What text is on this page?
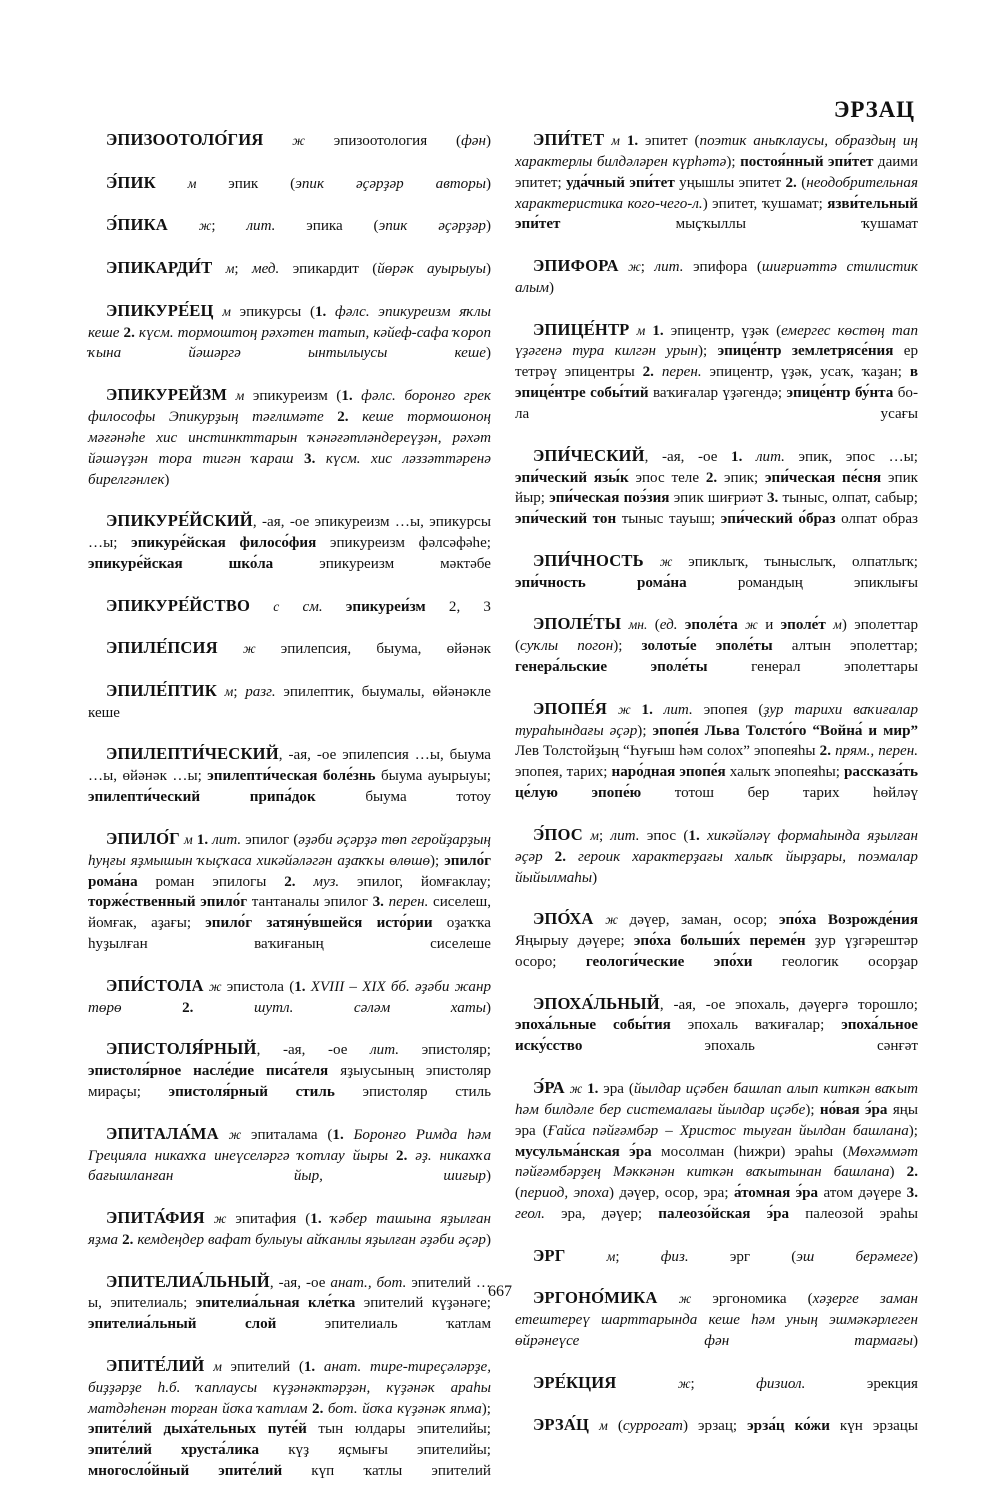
ЭРЗАЦ

ЭПИЗООТОЛО́ГИЯ ж эпизоотология (фән)

Э́ПИК м эпик (эпик әҫәрҙәр авторы)

Э́ПИКА ж; лит. эпика (эпик әҫәрҙәр)

ЭПИКАРДИ́Т м; мед. эпикардит (йөрәк ауырыуы)

ЭПИКУРЕ́ЕЦ м эпикурсы (1. фәлс. эпикуреизм яҡлы кеше 2. күсм. тормоштоң рәхәтен татып, кәйеф-сафа ҡороп ҡына йәшәргә ынтылыусы кеше)

ЭПИКУРЕЙЗМ м эпикуреизм (1. фәлс. боронғо грек философы Эпикурҙың тәғлимәте 2. кеше тормошоноң мәғәнәһе хис инстинкттарын ҡәнәғәтләндереүҙән, рәхәт йәшәүҙән тора тигән ҡараш 3. күсм. хис ләззәттәренә бирелгәнлек)

ЭПИКУРЕ́ЙСКИЙ, -ая, -ое эпикуреизм …ы, эпикурсы …ы; эпикуре́йская филосо́фия эпикуреизм фәлсәфәһе; эпикуре́йская шко́ла эпикуреизм мәктәбе

ЭПИКУРЕ́ЙСТВО с см. эпикуреи́зм 2, 3

ЭПИЛЕ́ПСИЯ ж эпилепсия, быума, өйәнәк

ЭПИЛЕ́ПТИК м; разг. эпилептик, быумалы, өйәнәкле кеше

ЭПИЛЕПТИ́ЧЕСКИЙ, -ая, -ое эпилепсия …ы, быума …ы, өйәнәк …ы; эпилепти́ческая боле́знь быума ауырыуы; эпилепти́ческий припа́док быума тотоу

ЭПИЛО́Г м 1. лит. эпилог (әҙәби әҫәрҙә төп геройҙарҙың һуңғы яҙмышын ҡыҫҡаса хикәйәләгән аҙаҡҡы өлөшө); эпило́г рома́на роман эпилогы 2. муз. эпилог, йомғаклау; торже́ственный эпило́г тантаналы эпилог 3. перен. сиселеш, йомғак, аҙағы; эпило́г затяну́вшейся исто́рии оҙаҡҡа һуҙылған ваҡиғаның сиселеше

ЭПИ́СТОЛА ж эпистола (1. XVIII – XIX бб. әҙәби жанр төрө	2.	шутл. сәләм хаты)

ЭПИСТОЛЯ́РНЫЙ, -ая, -ое лит. эпистоляр; эпистоля́рное насле́дие писа́теля яҙыусының эпистоляр мираҫы; эпистоля́рный стиль эпистоляр стиль

ЭПИТАЛА́МА ж эпиталама (1. Боронғо Римда һәм Грецияла никахҡа инеүселәргә ҡотлау йыры 2. әҙ. никахҡа бағышланған йыр, шиғыр)

ЭПИТА́ФИЯ ж эпитафия (1. ҡәбер ташына яҙылған яҙма 2. кемдеңдер вафат булыуы айҡанлы яҙылған әҙәби әҫәр)

ЭПИТЕЛИА́ЛЬНЫЙ, -ая, -ое анат., бот. эпителий …ы, эпителиаль; эпителиа́льная кле́тка эпителий күҙәнәге; эпителиа́льный слой эпителиаль ҡатлам

ЭПИТЕ́ЛИЙ м эпителий (1. анат. тире-тиреҫәләрҙе, биҙҙәрҙе һ.б. ҡаплаусы күҙәнәктәрҙән, күҙәнәк араһы матдәһенән торған йоҡа ҡатлам 2. бот. йоҡа күҙәнәк япма); эпите́лий дыха́тельных путе́й тын юлдары эпителийы; эпите́лий хруста́лика күҙ яҫмығы эпителийы; многосло́йный эпите́лий күп ҡатлы эпителий

ЭПИ́ТЕТ м 1. эпитет (поэтик аныҡлаусы, образдың иң характерлы билдәләрен күрһәтә); постоя́нный эпи́тет даими эпитет; уда́чный эпи́тет уңышлы эпитет 2. (неодобрительная характеристика кого-чего-л.) эпитет, ҡушамат; язви́тельный эпи́тет мыҫҡыллы ҡушамат

ЭПИФОРА ж; лит. эпифора (шиғриәттә стилистик алым)

ЭПИЦЕ́НТР м 1. эпицентр, үҙәк (емергес көстөң тап үҙәгенә тура килгән урын); эпице́нтр землетрясе́ния ер тетрәү эпицентры 2. перен. эпицентр, үҙәк, усаҡ, ҡаҙан; в эпице́нтре собы́тий ваҡиғалар үҙәгендә; эпице́нтр бу́нта бола усағы

ЭПИ́ЧЕСКИЙ, -ая, -ое 1. лит. эпик, эпос …ы; эпи́ческий язы́к эпос теле 2. эпик; эпи́ческая пе́сня эпик йыр; эпи́ческая поэ́зия эпик шиғриәт 3. тыныс, олпат, сабыр; эпи́ческий тон тыныс тауыш; эпи́ческий о́браз олпат образ

ЭПИ́ЧНОСТЬ ж эпиклыҡ, тыныслыҡ, олпатлыҡ; эпи́чность рома́на романдың эпиклығы

ЭПОЛЕ́ТЫ мн. (ед. эполе́та ж и эполе́т м) эполеттар (суҡлы погон); золоты́е эполе́ты алтын эполеттар; генера́льские эполе́ты генерал эполеттары

ЭПОПЕ́Я ж 1. лит. эпопея (ҙур тарихи ваҡиғалар тураһындағы әҫәр); эпопе́я Льва Толсто́го “Война́ и мир” Лев Толстойҙың “Һуғыш һәм солох” эпопеяһы 2. прям., перен. эпопея, тарих; наро́дная эпопе́я халыҡ эпопеяһы; рассказа́ть це́лую эпопе́ю тотош бер тарих һөйләү

Э́ПОС м; лит. эпос (1. хикәйәләү формаһында яҙылған әҫәр 2. героик характерҙағы халыҡ йырҙары, поэмалар йыйылмаһы)

ЭПО́ХА ж дәүер, заман, осор; эпо́ха Возрожде́ния Яңырыу дәүере; эпо́ха больши́х переме́н ҙур үҙгәрештәр осоро; геологи́ческие эпо́хи геологик осорҙар

ЭПОХА́ЛЬНЫЙ, -ая, -ое эпохаль, дәүергә торошло; эпоха́льные собы́тия эпохаль ваҡиғалар; эпоха́льное иску́сство эпохаль сәнғәт

Э́РА ж 1. эра (йылдар иҫәбен башлап алып киткән ваҡыт һәм билдәле бер системалағы йылдар иҫәбе); но́вая э́ра яңы эра (Ғайса пәйғәмбәр – Христос тыуған йылдан башлана); мусульма́нская э́ра мосолман (һижри) эраһы (Мөхәммәт пәйғәмбәрҙең Мәккәнән киткән ваҡытынан башлана) 2. (период, эпоха) дәүер, осор, эра; а́томная э́ра атом дәүере 3. геол. эра, дәүер; палеозо́йская э́ра палеозой эраһы

ЭРГ	м; физ. эрг (эш берәмеге)

ЭРГОНО́МИКА ж эргономика (хәҙерге заман етештереү шарттарында кеше һәм уның эшмәкәрлеген өйрәнеүсе фән тармағы)

ЭРЕ́КЦИЯ	ж; физиол. эрекция

ЭРЗА́Ц м (суррогат) эрзац; эрза́ц ко́жи күн эрзацы

667
